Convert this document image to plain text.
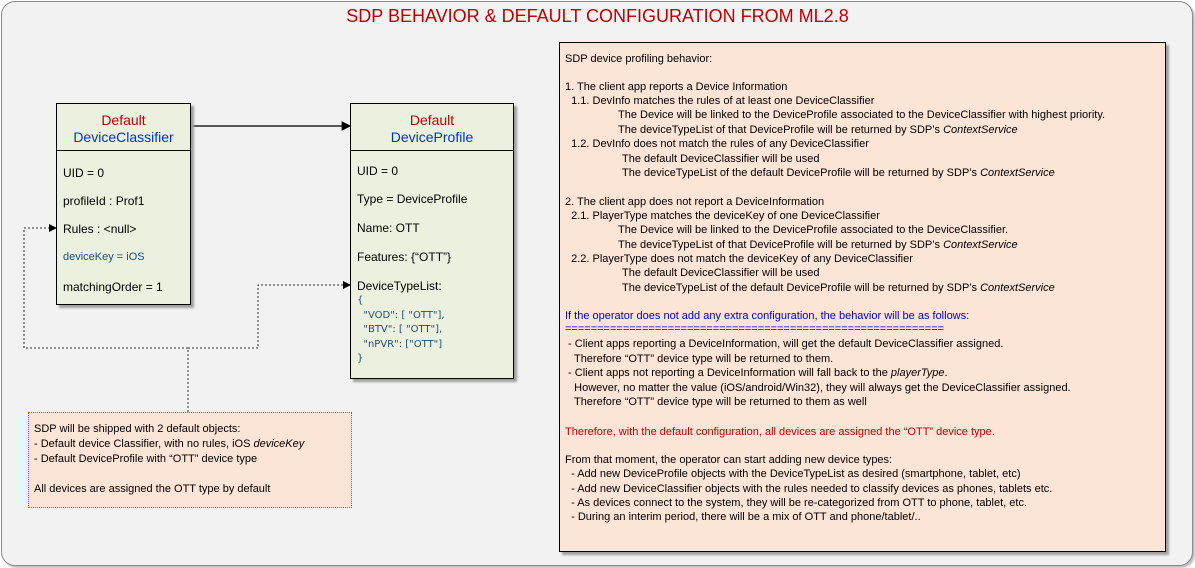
SDP BEHAVIOR & DEFAULT CONFIGURATION FROM ML2.8
Default
DeviceClassifier
UID = 0
profileId : Prof1
Rules : <null>
deviceKey = iOS
matchingOrder = 1
Default
DeviceProfile
UID = 0
Type = DeviceProfile
Name: OTT
Features: {“OTT”}
DeviceTypeList:
{
"VOD": [ "OTT"],
"BTV": [ "OTT"],
"nPVR": ["OTT"]
}
SDP will be shipped with 2 default objects:
- Default device Classifier, with no rules, iOS deviceKey
- Default DeviceProfile with “OTT” device type
All devices are assigned the OTT type by default
SDP device profiling behavior:
1. The client app reports a Device Information
1.1. DevInfo matches the rules of at least one DeviceClassifier
The Device will be linked to the DeviceProfile associated to the DeviceClassifier with highest priority.
The deviceTypeList of that DeviceProfile will be returned by SDP’s ContextService
1.2. DevInfo does not match the rules of any DeviceClassifier
The default DeviceClassifier will be used
The deviceTypeList of the default DeviceProfile will be returned by SDP’s ContextService
2. The client app does not report a DeviceInformation
2.1. PlayerType matches the deviceKey of one DeviceClassifier
The Device will be linked to the DeviceProfile associated to the DeviceClassifier.
The deviceTypeList of that DeviceProfile will be returned by SDP’s ContextService
2.2. PlayerType does not match the deviceKey of any DeviceClassifier
The default DeviceClassifier will be used
The deviceTypeList of the default DeviceProfile will be returned by SDP’s ContextService
If the operator does not add any extra configuration, the behavior will be as follows:
===========================================================
- Client apps reporting a DeviceInformation, will get the default DeviceClassifier assigned.
Therefore “OTT” device type will be returned to them.
- Client apps not reporting a DeviceInformation will fall back to the playerType.
However, no matter the value (iOS/android/Win32), they will always get the DeviceClassifier assigned.
Therefore “OTT” device type will be returned to them as well
Therefore, with the default configuration, all devices are assigned the “OTT” device type.
From that moment, the operator can start adding new device types:
- Add new DeviceProfile objects with the DeviceTypeList as desired (smartphone, tablet, etc)
- Add new DeviceClassifier objects with the rules needed to classify devices as phones, tablets etc.
- As devices connect to the system, they will be re-categorized from OTT to phone, tablet, etc.
- During an interim period, there will be a mix of OTT and phone/tablet/..
